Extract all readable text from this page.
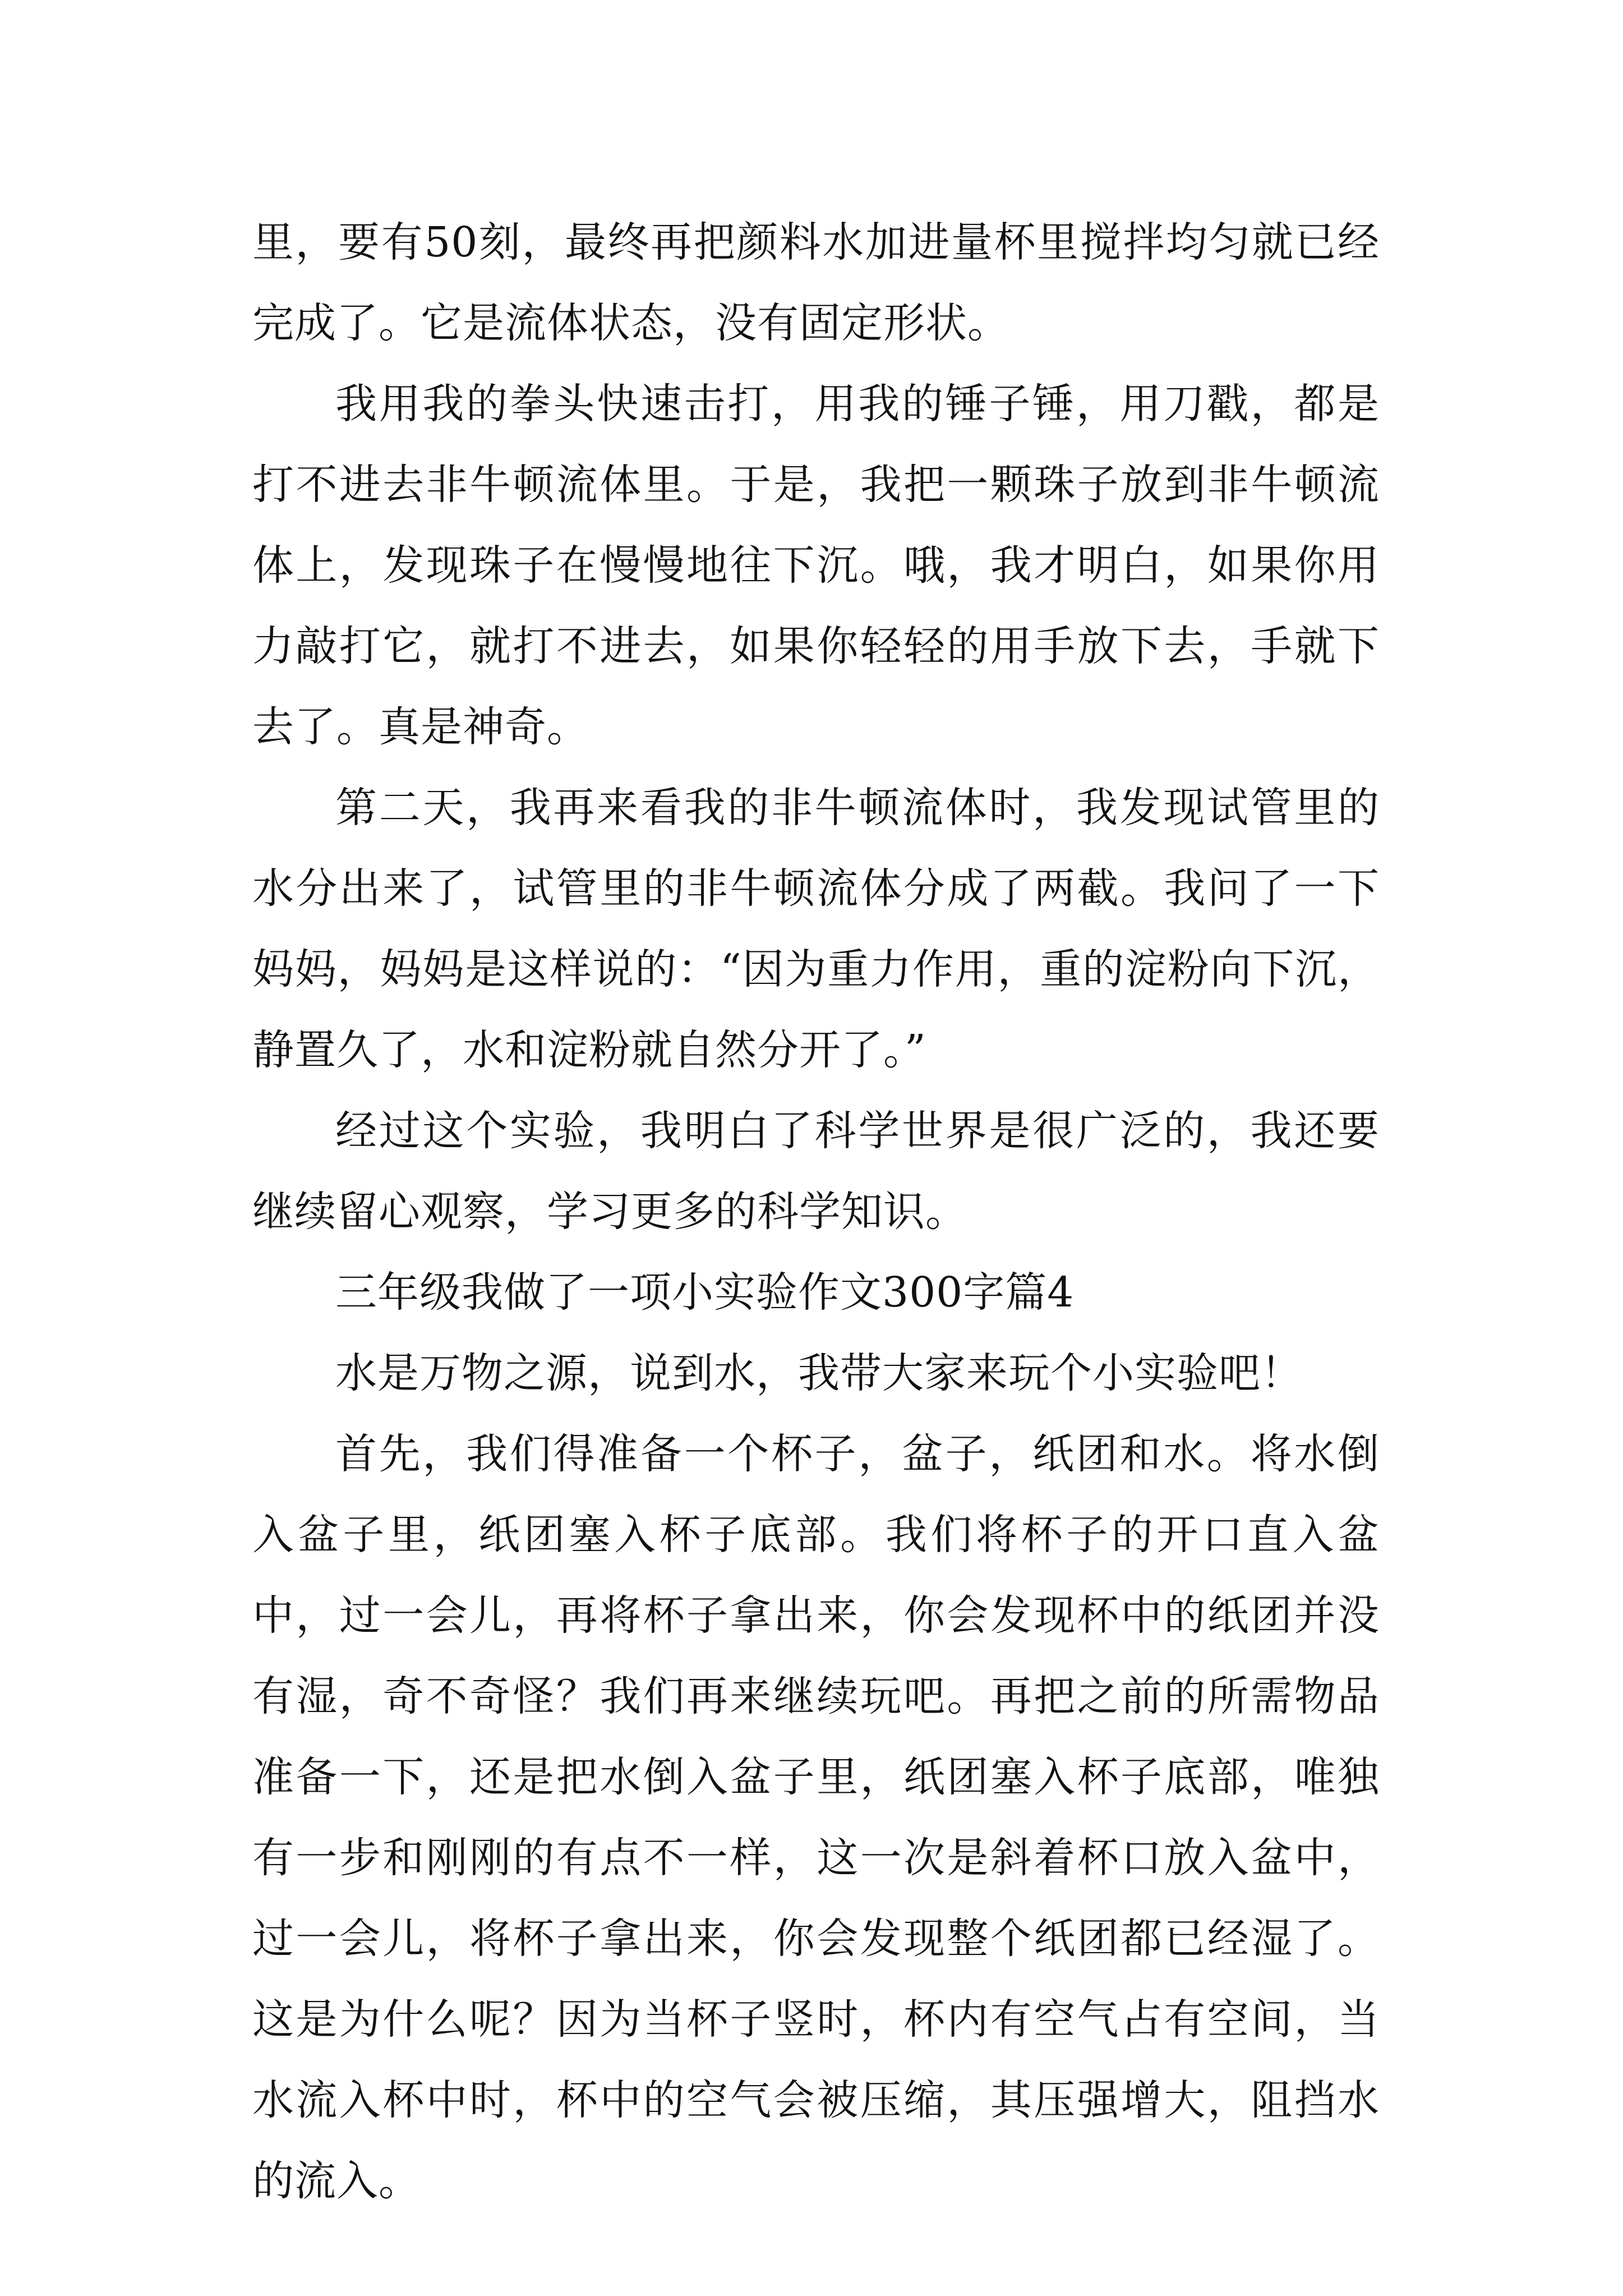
里，要有50刻，最终再把颜料水加进量杯里搅拌均匀就已经完成了。它是流体状态，没有固定形状。

我用我的拳头快速击打，用我的锤子锤，用刀戳，都是打不进去非牛顿流体里。于是，我把一颗珠子放到非牛顿流体上，发现珠子在慢慢地往下沉。哦，我才明白，如果你用力敲打它，就打不进去，如果你轻轻的用手放下去，手就下去了。真是神奇。

第二天，我再来看我的非牛顿流体时，我发现试管里的水分出来了，试管里的非牛顿流体分成了两截。我问了一下妈妈，妈妈是这样说的：“因为重力作用，重的淀粉向下沉，静置久了，水和淀粉就自然分开了。”

经过这个实验，我明白了科学世界是很广泛的，我还要继续留心观察，学习更多的科学知识。

三年级我做了一项小实验作文300字篇4

水是万物之源，说到水，我带大家来玩个小实验吧！

首先，我们得准备一个杯子，盆子，纸团和水。将水倒入盆子里，纸团塞入杯子底部。我们将杯子的开口直入盆中，过一会儿，再将杯子拿出来，你会发现杯中的纸团并没有湿，奇不奇怪？我们再来继续玩吧。再把之前的所需物品准备一下，还是把水倒入盆子里，纸团塞入杯子底部，唯独有一步和刚刚的有点不一样，这一次是斜着杯口放入盆中，过一会儿，将杯子拿出来，你会发现整个纸团都已经湿了。这是为什么呢？因为当杯子竖时，杯内有空气占有空间，当水流入杯中时，杯中的空气会被压缩，其压强增大，阻挡水的流入。
